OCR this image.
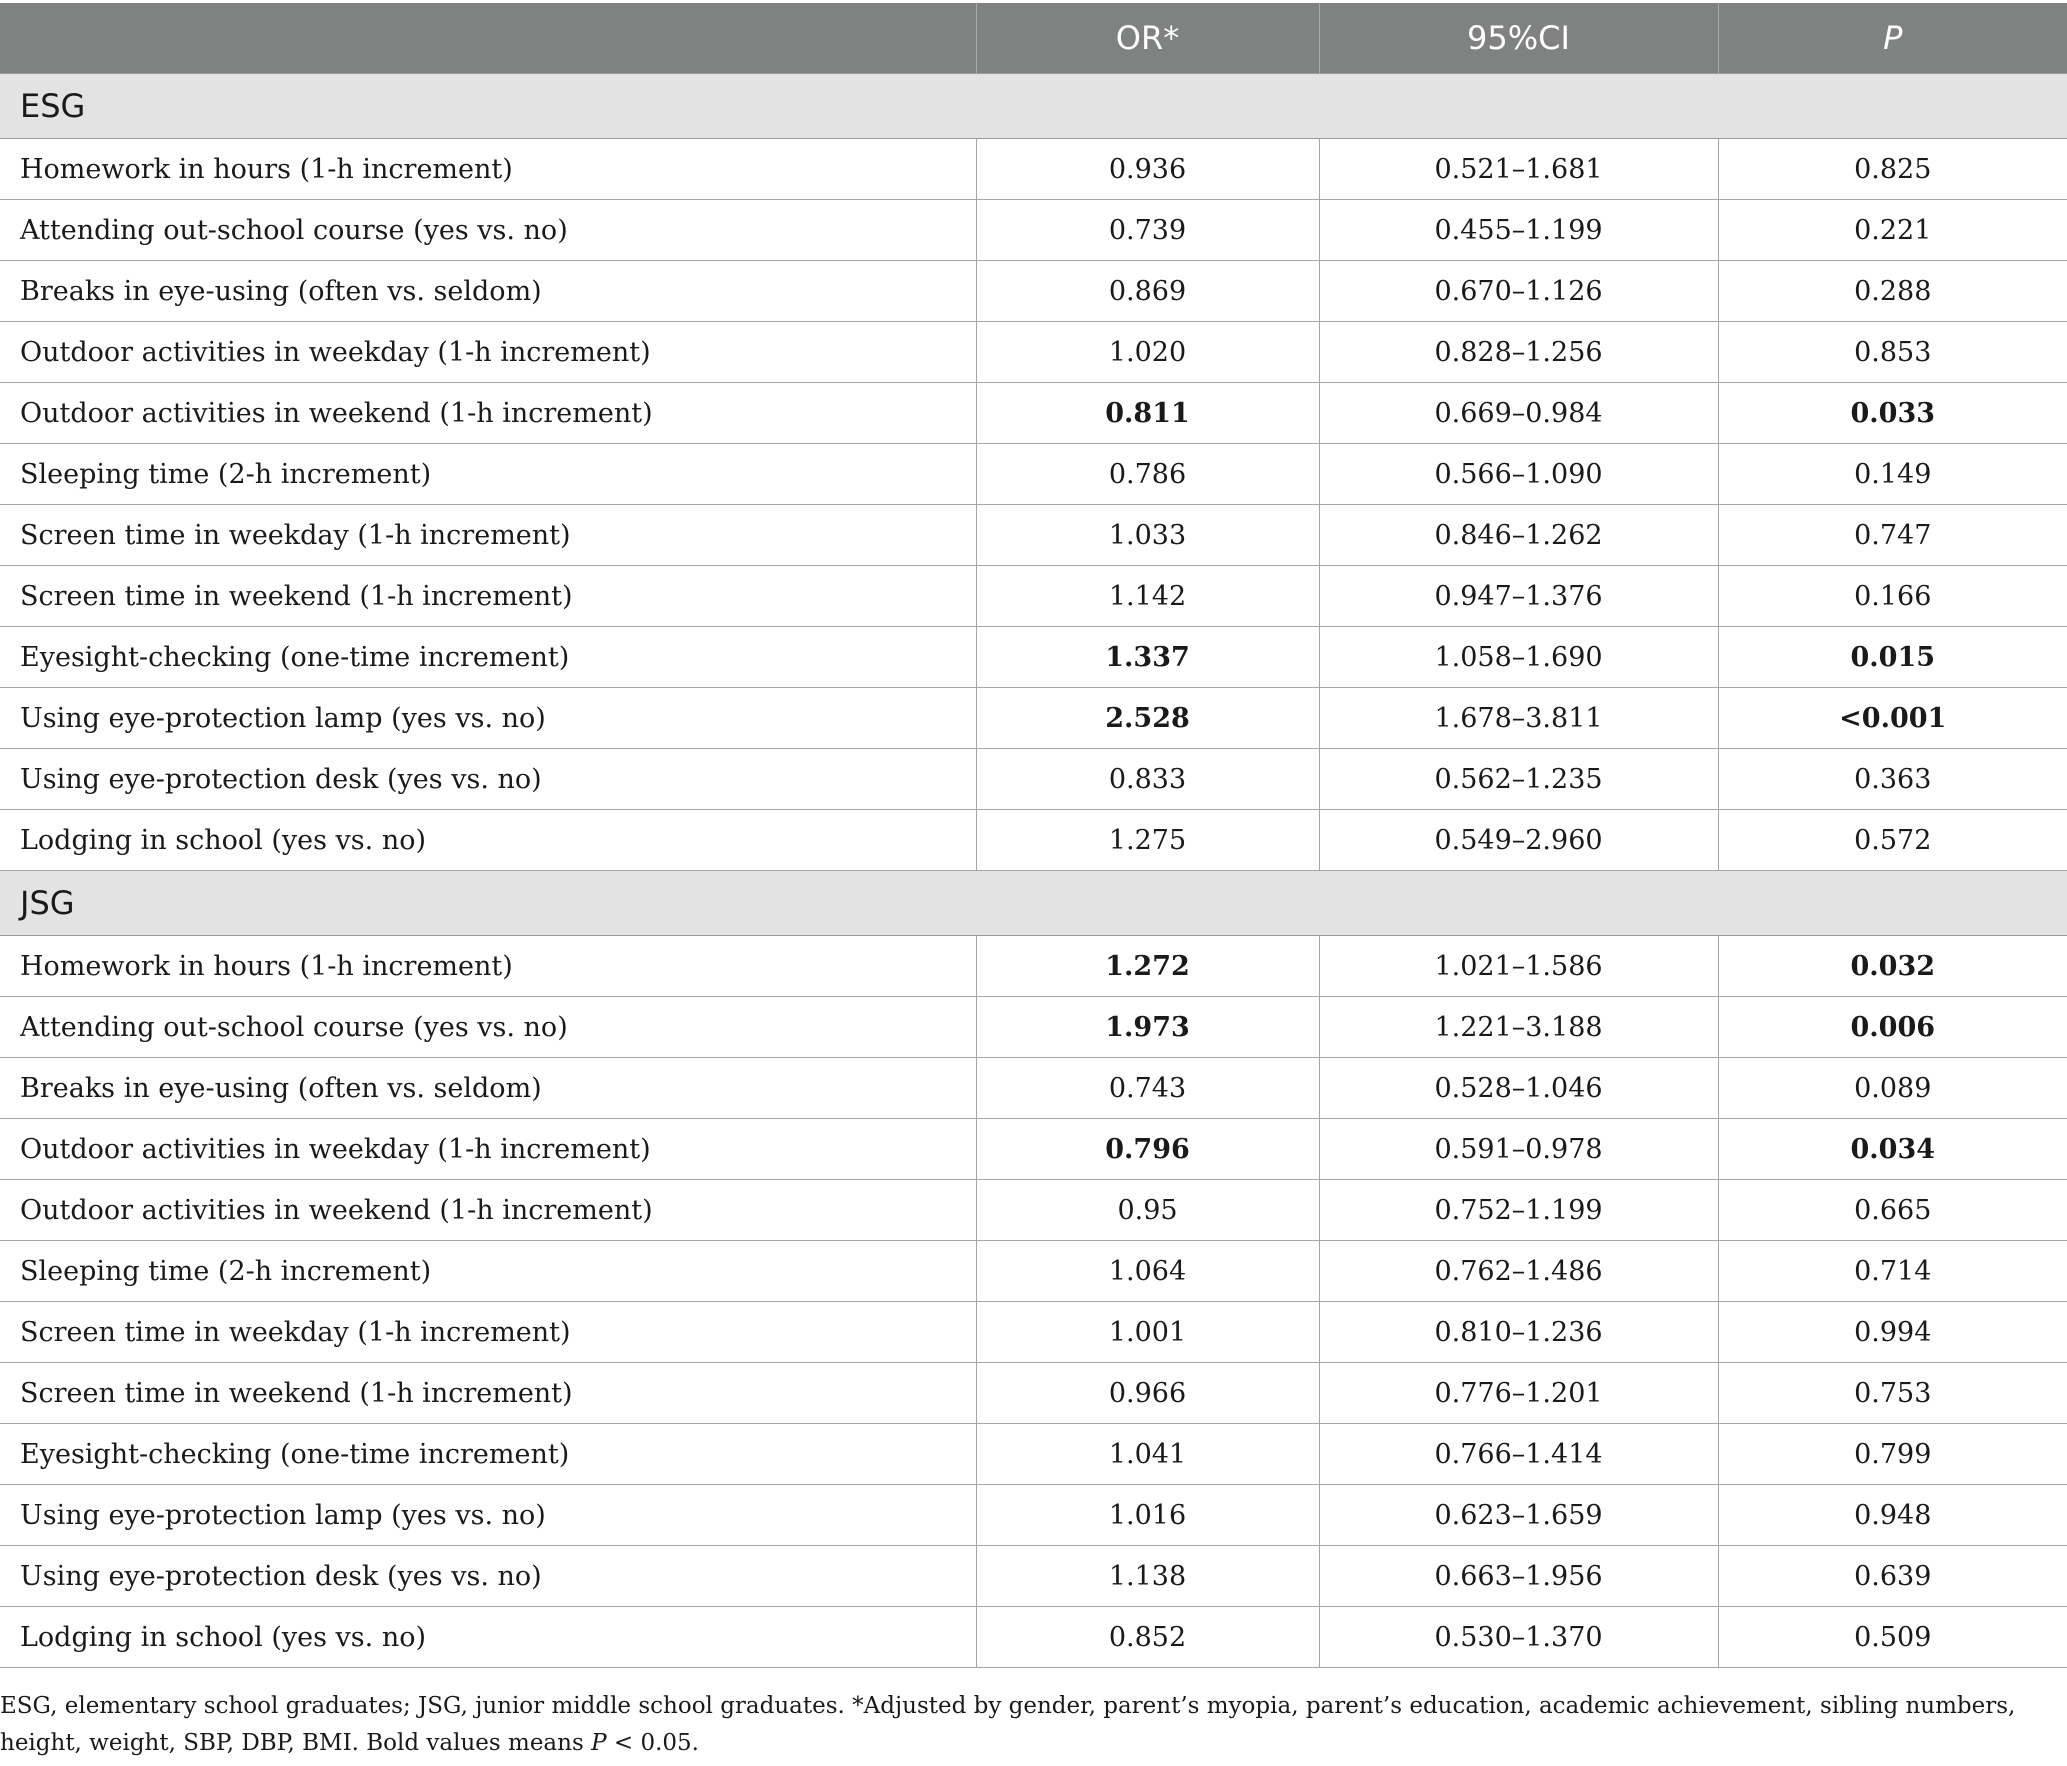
	OR*	95%CI	P
ESG			
Homework in hours (1-h increment)	0.936	0.521–1.681	0.825
Attending out-school course (yes vs. no)	0.739	0.455–1.199	0.221
Breaks in eye-using (often vs. seldom)	0.869	0.670–1.126	0.288
Outdoor activities in weekday (1-h increment)	1.020	0.828–1.256	0.853
Outdoor activities in weekend (1-h increment)	0.811	0.669–0.984	0.033
Sleeping time (2-h increment)	0.786	0.566–1.090	0.149
Screen time in weekday (1-h increment)	1.033	0.846–1.262	0.747
Screen time in weekend (1-h increment)	1.142	0.947–1.376	0.166
Eyesight-checking (one-time increment)	1.337	1.058–1.690	0.015
Using eye-protection lamp (yes vs. no)	2.528	1.678–3.811	<0.001
Using eye-protection desk (yes vs. no)	0.833	0.562–1.235	0.363
Lodging in school (yes vs. no)	1.275	0.549–2.960	0.572
JSG			
Homework in hours (1-h increment)	1.272	1.021–1.586	0.032
Attending out-school course (yes vs. no)	1.973	1.221–3.188	0.006
Breaks in eye-using (often vs. seldom)	0.743	0.528–1.046	0.089
Outdoor activities in weekday (1-h increment)	0.796	0.591–0.978	0.034
Outdoor activities in weekend (1-h increment)	0.95	0.752–1.199	0.665
Sleeping time (2-h increment)	1.064	0.762–1.486	0.714
Screen time in weekday (1-h increment)	1.001	0.810–1.236	0.994
Screen time in weekend (1-h increment)	0.966	0.776–1.201	0.753
Eyesight-checking (one-time increment)	1.041	0.766–1.414	0.799
Using eye-protection lamp (yes vs. no)	1.016	0.623–1.659	0.948
Using eye-protection desk (yes vs. no)	1.138	0.663–1.956	0.639
Lodging in school (yes vs. no)	0.852	0.530–1.370	0.509
ESG, elementary school graduates; JSG, junior middle school graduates. *Adjusted by gender, parent’s myopia, parent’s education, academic achievement, sibling numbers, height, weight, SBP, DBP, BMI. Bold values means P < 0.05.
